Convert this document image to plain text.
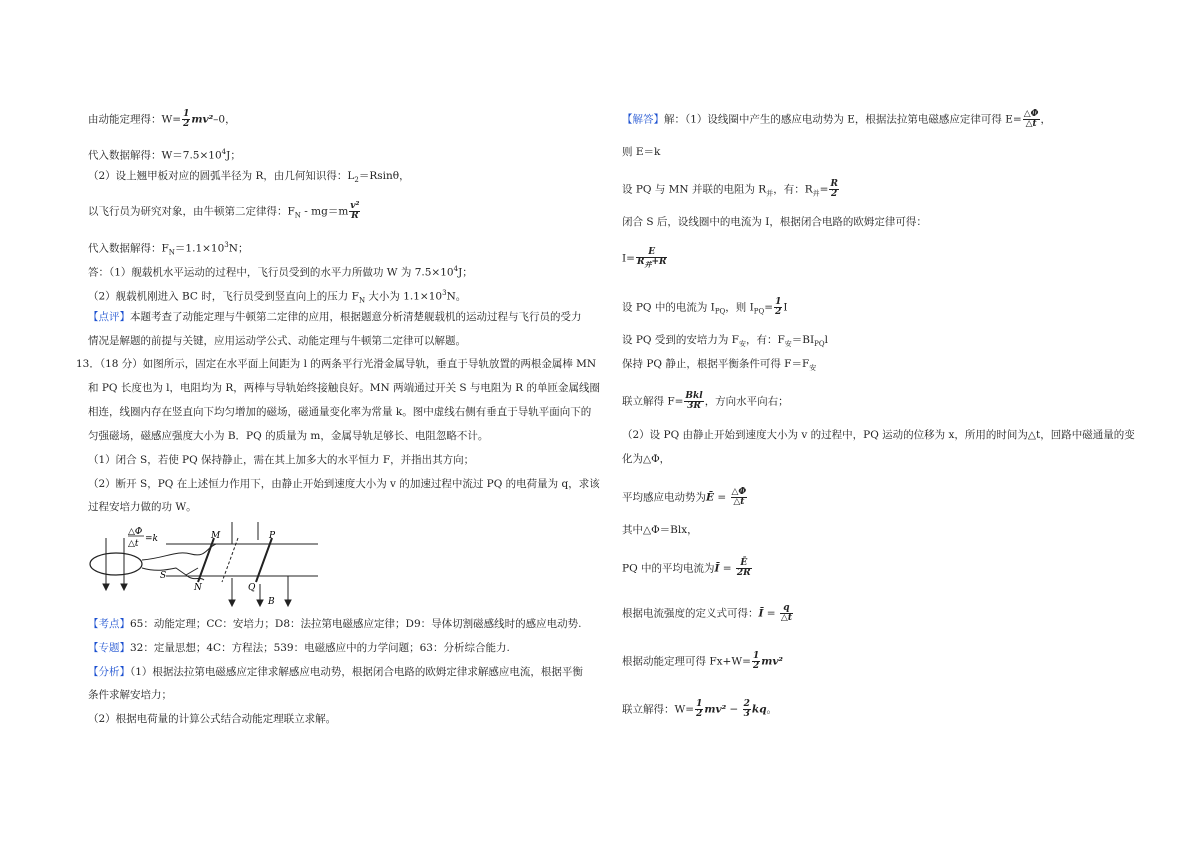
由动能定理得：$W= \frac{1}{2} mv^2-0$，
代入数据解得：$W=7.5\times 10^4J$；
（2）设上翘甲板对应的圆弧半径为 R，由几何知识得：$L_2=Rsin\theta$，
以飞行员为研究对象，由牛顿第二定律得：$F_N - mg=m \frac{\text{v²}}{R}$
代入数据解得：$F_N=1.1\times 10^3N$；
答：（1）舰载机水平运动的过程中，飞行员受到的水平力所做功 W 为 $7.5\times 10^4J$；
（2）舰载机刚进入 BC 时，飞行员受到竖直向上的压力 $F_N$ 大小为 $1.1\times 10^3N$。
【点评】本题考查了动能定理与牛顿第二定律的应用，根据题意分析清楚舰载机的运动过程与飞行员的受力
情况是解题的前提与关键，应用运动学公式、动能定理与牛顿第二定律可以解题。
13．（18 分）如图所示，固定在水平面上间距为 l 的两条平行光滑金属导轨，垂直于导轨放置的两根金属棒 MN
和 PQ 长度也为 l，电阻均为 R，两棒与导轨始终接触良好。MN 两端通过开关 S 与电阻为 R 的单匝金属线圈
相连，线圈内存在竖直向下均匀增加的磁场，磁通量变化率为常量 k。图中虚线右侧有垂直于导轨平面向下的
匀强磁场，磁感应强度大小为 B．PQ 的质量为 m，金属导轨足够长、电阻忽略不计。
（1）闭合 S，若使 PQ 保持静止，需在其上加多大的水平恒力 F，并指出其方向；
（2）断开 S，PQ 在上述恒力作用下，由静止开始到速度大小为 v 的加速过程中流过 PQ 的电荷量为 q，求该
过程安培力做的功 W。
△Φ
△t =k
S
M
N
P
Q
B
【考点】65：动能定理；CC：安培力；D8：法拉第电磁感应定律；D9：导体切割磁感线时的感应电动势.
【专题】32：定量思想；4C：方程法；539：电磁感应中的力学问题；63：分析综合能力.
【分析】（1）根据法拉第电磁感应定律求解感应电动势，根据闭合电路的欧姆定律求解感应电流，根据平衡
条件求解安培力；
（2）根据电荷量的计算公式结合动能定理联立求解。
【解答】解：（1）设线圈中产生的感应电动势为 E，根据法拉第电磁感应定律可得 $E= \frac{\triangle\Phi}{\triangle t}$ ，
则 E＝k
设 PQ 与 MN 并联的电阻为 $R_并$，有：$R_并= \frac{R}{2}$
闭合 S 后，设线圈中的电流为 I，根据闭合电路的欧姆定律可得：
$I= \frac{E}{R_并+R}$
设 PQ 中的电流为 $I_{PQ}$，则 $I_{PQ}= \frac{1}{2}$ I
设 PQ 受到的安培力为 $F_安$，有：$F_安=BI_{PQ}l$
保持 PQ 静止，根据平衡条件可得 $F=F_安$
联立解得 $F= \frac{\text{Bkl}}{3R}$ ，方向水平向右；
（2）设 PQ 由静止开始到速度大小为 v 的过程中，PQ 运动的位移为 x，所用的时间为△t，回路中磁通量的变
化为△Φ，
平均感应电动势为Ē = $\frac{\triangle\Phi}{\triangle t}$
其中△Φ＝Blx，
PQ 中的平均电流为Ī = $\frac{Ē}{2R}$
根据电流强度的定义式可得：Ī = $\frac{q}{\triangle t}$
根据动能定理可得 $Fx+W= \frac{1}{2} mv^2$
联立解得：$W= \frac{1}{2} mv^2 - \frac{2}{3}$ kq。
